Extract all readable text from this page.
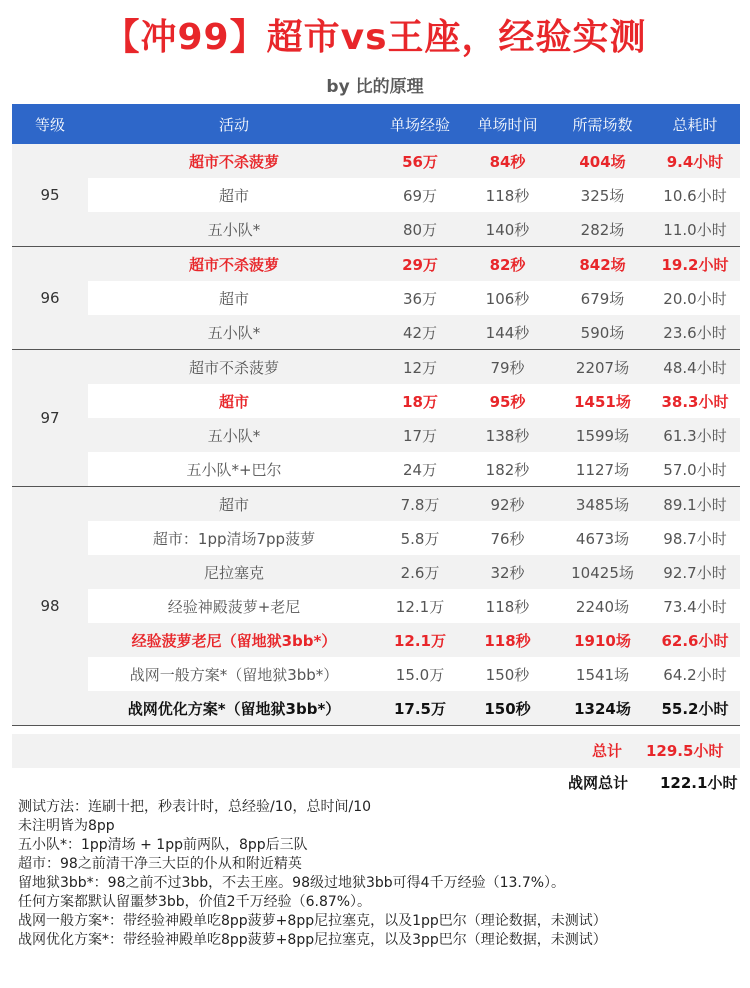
【冲99】超市vs王座，经验实测
by 比的原理
等级	活动	单场经验	单场时间	所需场数	总耗时
95
超市不杀菠萝	56万	84秒	404场	9.4小时
超市	69万	118秒	325场	10.6小时
五小队*	80万	140秒	282场	11.0小时
96
超市不杀菠萝	29万	82秒	842场	19.2小时
超市	36万	106秒	679场	20.0小时
五小队*	42万	144秒	590场	23.6小时
97
超市不杀菠萝	12万	79秒	2207场	48.4小时
超市	18万	95秒	1451场	38.3小时
五小队*	17万	138秒	1599场	61.3小时
五小队*+巴尔	24万	182秒	1127场	57.0小时
98
超市	7.8万	92秒	3485场	89.1小时
超市：1pp清场7pp菠萝	5.8万	76秒	4673场	98.7小时
尼拉塞克	2.6万	32秒	10425场	92.7小时
经验神殿菠萝+老尼	12.1万	118秒	2240场	73.4小时
经验菠萝老尼（留地狱3bb*）	12.1万	118秒	1910场	62.6小时
战网一般方案*（留地狱3bb*）	15.0万	150秒	1541场	64.2小时
战网优化方案*（留地狱3bb*）	17.5万	150秒	1324场	55.2小时
总计 129.5小时
战网总计 122.1小时
测试方法：连刷十把，秒表计时，总经验/10，总时间/10
未注明皆为8pp
五小队*：1pp清场 + 1pp前两队，8pp后三队
超市：98之前清干净三大臣的仆从和附近精英
留地狱3bb*：98之前不过3bb，不去王座。98级过地狱3bb可得4千万经验（13.7%）。
任何方案都默认留噩梦3bb，价值2千万经验（6.87%）。
战网一般方案*：带经验神殿单吃8pp菠萝+8pp尼拉塞克，以及1pp巴尔（理论数据，未测试）
战网优化方案*：带经验神殿单吃8pp菠萝+8pp尼拉塞克，以及3pp巴尔（理论数据，未测试）
